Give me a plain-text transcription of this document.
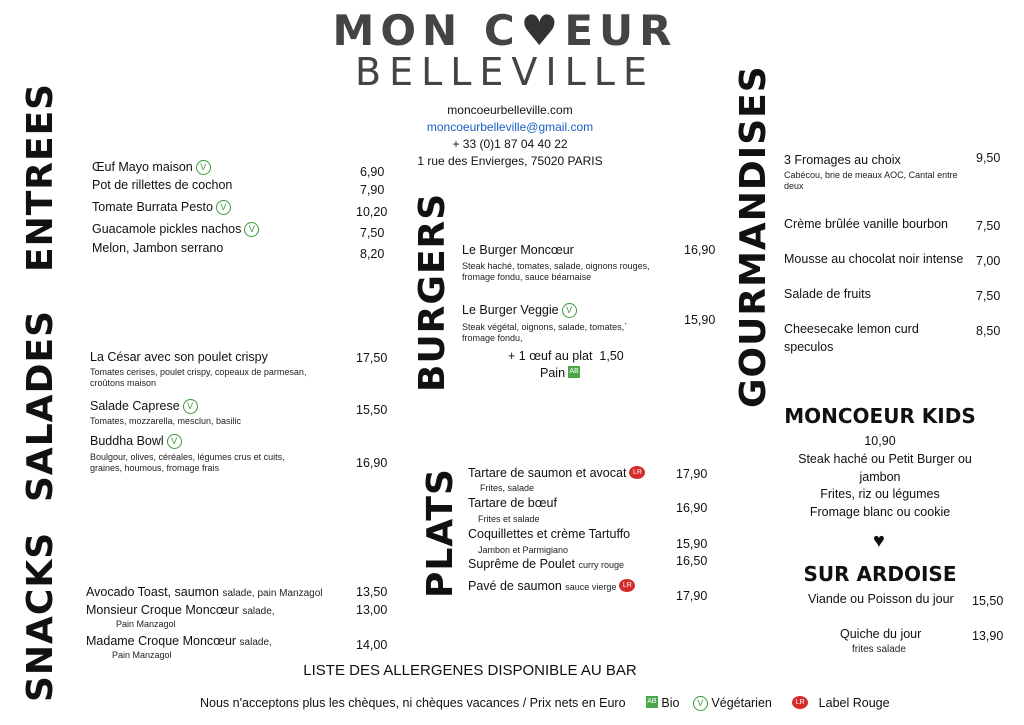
MON C♥EUR
BELLEVILLE
moncoeurbelleville.com
moncoeurbelleville@gmail.com
+ 33 (0)1 87 04 40 22
1 rue des Envierges, 75020 PARIS
ENTREES
SALADES
SNACKS
BURGERS
PLATS
GOURMANDISES
Œuf Mayo maison V	6,90
Pot de rillettes de cochon	7,90
Tomate Burrata Pesto V	10,20
Guacamole pickles nachos V	7,50
Melon, Jambon serrano	8,20
La César avec son poulet crispy
Tomates cerises, poulet crispy, copeaux de parmesan, croûtons maison
17,50
Salade Caprese V
Tomates, mozzarella, mesclun, basilic
15,50
Buddha Bowl V
Boulgour, olives, céréales, légumes crus et cuits, graines, houmous, fromage frais	16,90
Avocado Toast, saumon salade, pain Manzagol	13,50
Monsieur Croque Moncœur salade,
Pain Manzagol
13,00
Madame Croque Moncœur salade,
Pain Manzagol
14,00
Le Burger Moncœur
Steak haché, tomates, salade, oignons rouges, fromage fondu, sauce béarnaise
16,90
Le Burger Veggie V
Steak végétal, oignons, salade, tomates,` fromage fondu,
15,90
+ 1 œuf au plat 1,50
Pain AB
Tartare de saumon et avocat LR
Frites, salade
17,90
Tartare de bœuf
Frites et salade
16,90
Coquillettes et crème Tartuffo
Jambon et Parmigiano	15,90
Suprême de Poulet curry rouge	16,50
Pavé de saumon sauce vierge LR
17,90
3 Fromages au choix
Cabécou, brie de meaux AOC, Cantal entre deux
9,50
Crème brûlée vanille bourbon 7,50
Mousse au chocolat noir intense 7,00
Salade de fruits	7,50
Cheesecake lemon curd
speculos
8,50
MONCOEUR KIDS
10,90
Steak haché ou Petit Burger ou
jambon
Frites, riz ou légumes
Fromage blanc ou cookie
♥
SUR ARDOISE
Viande ou Poisson du jour 15,50
Quiche du jour
frites salade
13,90
LISTE DES ALLERGENES DISPONIBLE AU BAR
Nous n'acceptons plus les chèques, ni chèques vacances / Prix nets en Euro	AB Bio V Végétarien	LR Label Rouge
